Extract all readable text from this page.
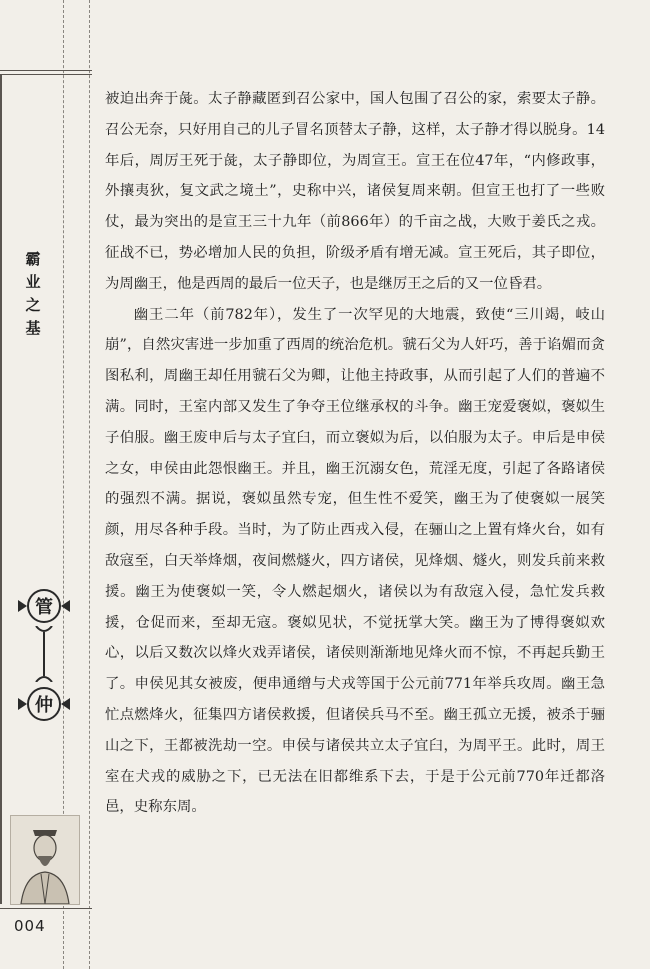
霸
业
之
基
管
仲
004

被迫出奔于彘。太子静藏匿到召公家中，国人包围了召公的家，索要太子静。召公无奈，只好用自己的儿子冒名顶替太子静，这样，太子静才得以脱身。14年后，周厉王死于彘，太子静即位，为周宣王。宣王在位47年，“内修政事，外攘夷狄，复文武之境土”，史称中兴，诸侯复周来朝。但宣王也打了一些败仗，最为突出的是宣王三十九年（前866年）的千亩之战，大败于姜氏之戎。征战不已，势必增加人民的负担，阶级矛盾有增无减。宣王死后，其子即位，为周幽王，他是西周的最后一位天子，也是继厉王之后的又一位昏君。

幽王二年（前782年），发生了一次罕见的大地震，致使“三川竭，岐山崩”，自然灾害进一步加重了西周的统治危机。虢石父为人奸巧，善于谄媚而贪图私利，周幽王却任用虢石父为卿，让他主持政事，从而引起了人们的普遍不满。同时，王室内部又发生了争夺王位继承权的斗争。幽王宠爱褒姒，褒姒生子伯服。幽王废申后与太子宜臼，而立褒姒为后，以伯服为太子。申后是申侯之女，申侯由此怨恨幽王。并且，幽王沉溺女色，荒淫无度，引起了各路诸侯的强烈不满。据说，褒姒虽然专宠，但生性不爱笑，幽王为了使褒姒一展笑颜，用尽各种手段。当时，为了防止西戎入侵，在骊山之上置有烽火台，如有敌寇至，白天举烽烟，夜间燃燧火，四方诸侯，见烽烟、燧火，则发兵前来救援。幽王为使褒姒一笑，令人燃起烟火，诸侯以为有敌寇入侵，急忙发兵救援，仓促而来，至却无寇。褒姒见状，不觉抚掌大笑。幽王为了博得褒姒欢心，以后又数次以烽火戏弄诸侯，诸侯则渐渐地见烽火而不惊，不再起兵勤王了。申侯见其女被废，便串通缯与犬戎等国于公元前771年举兵攻周。幽王急忙点燃烽火，征集四方诸侯救援，但诸侯兵马不至。幽王孤立无援，被杀于骊山之下，王都被洗劫一空。申侯与诸侯共立太子宜臼，为周平王。此时，周王室在犬戎的威胁之下，已无法在旧都维系下去，于是于公元前770年迁都洛邑，史称东周。
